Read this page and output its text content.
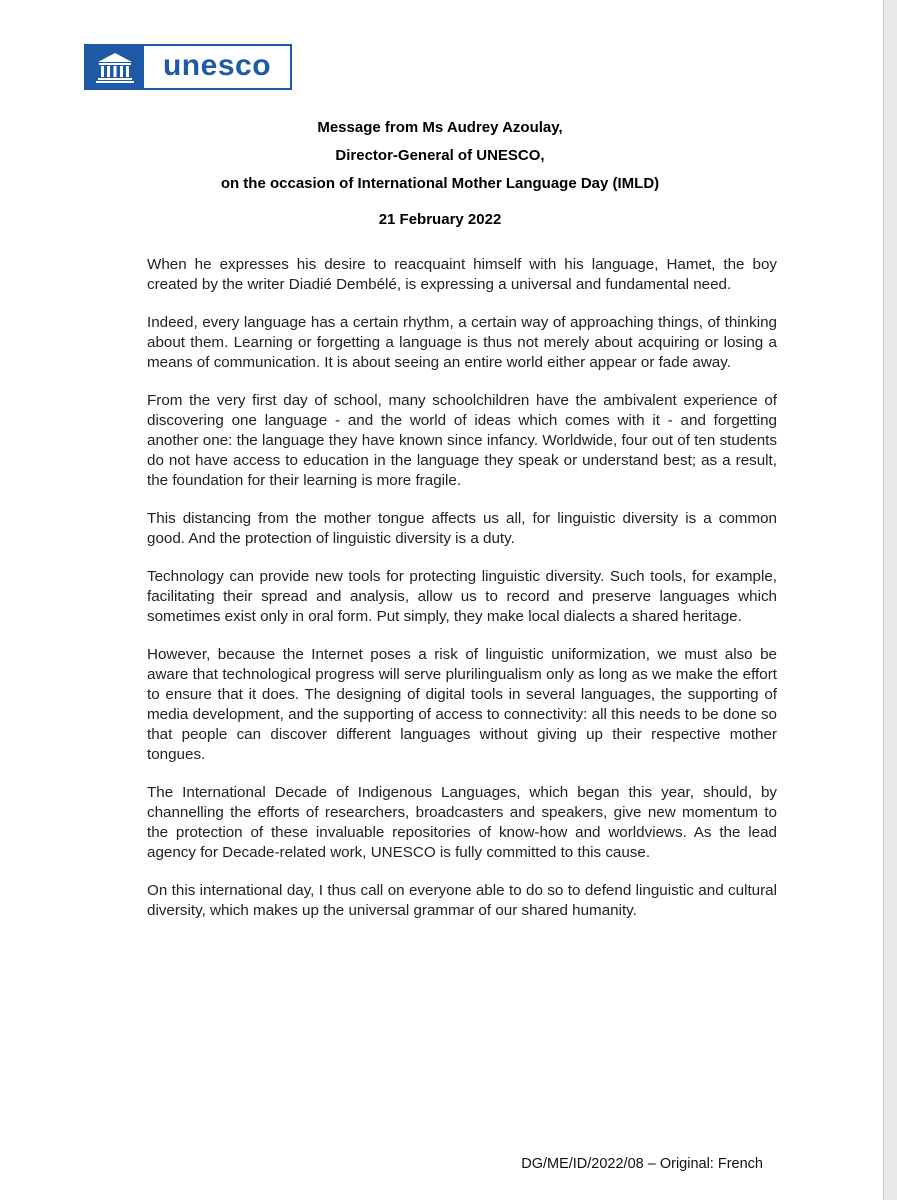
unesco
Message from Ms Audrey Azoulay,
Director-General of UNESCO,
on the occasion of International Mother Language Day (IMLD)
21 February 2022

When he expresses his desire to reacquaint himself with his language, Hamet, the boy created by the writer Diadié Dembélé, is expressing a universal and fundamental need.

Indeed, every language has a certain rhythm, a certain way of approaching things, of thinking about them. Learning or forgetting a language is thus not merely about acquiring or losing a means of communication. It is about seeing an entire world either appear or fade away.

From the very first day of school, many schoolchildren have the ambivalent experience of discovering one language - and the world of ideas which comes with it - and forgetting another one: the language they have known since infancy. Worldwide, four out of ten students do not have access to education in the language they speak or understand best; as a result, the foundation for their learning is more fragile.

This distancing from the mother tongue affects us all, for linguistic diversity is a common good. And the protection of linguistic diversity is a duty.

Technology can provide new tools for protecting linguistic diversity. Such tools, for example, facilitating their spread and analysis, allow us to record and preserve languages which sometimes exist only in oral form. Put simply, they make local dialects a shared heritage.

However, because the Internet poses a risk of linguistic uniformization, we must also be aware that technological progress will serve plurilingualism only as long as we make the effort to ensure that it does. The designing of digital tools in several languages, the supporting of media development, and the supporting of access to connectivity: all this needs to be done so that people can discover different languages without giving up their respective mother tongues.

The International Decade of Indigenous Languages, which began this year, should, by channelling the efforts of researchers, broadcasters and speakers, give new momentum to the protection of these invaluable repositories of know-how and worldviews. As the lead agency for Decade-related work, UNESCO is fully committed to this cause.

On this international day, I thus call on everyone able to do so to defend linguistic and cultural diversity, which makes up the universal grammar of our shared humanity.

DG/ME/ID/2022/08 – Original: French
